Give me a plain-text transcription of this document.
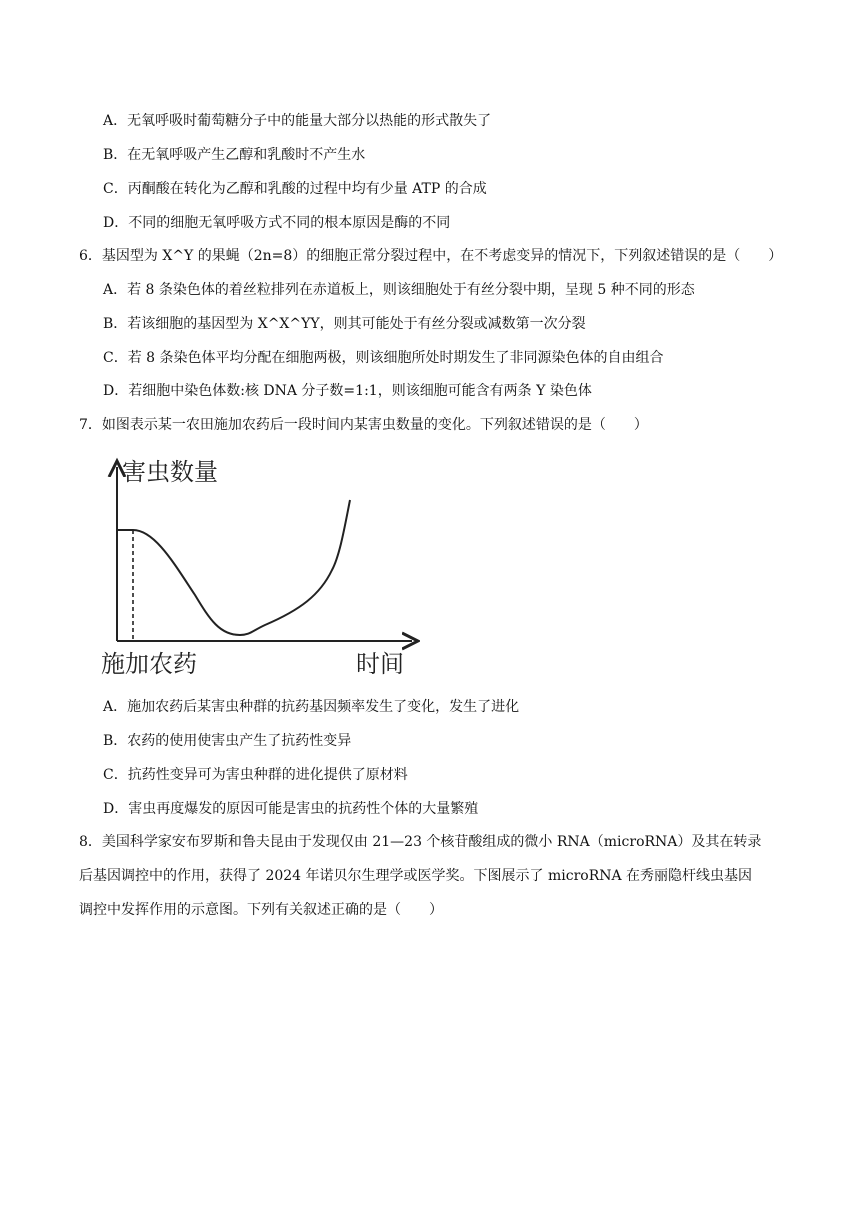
A．无氧呼吸时葡萄糖分子中的能量大部分以热能的形式散失了
B．在无氧呼吸产生乙醇和乳酸时不产生水
C．丙酮酸在转化为乙醇和乳酸的过程中均有少量 ATP 的合成
D．不同的细胞无氧呼吸方式不同的根本原因是酶的不同
6．基因型为 X^Y 的果蝇（2n=8）的细胞正常分裂过程中，在不考虑变异的情况下，下列叙述错误的是（　　）
A．若 8 条染色体的着丝粒排列在赤道板上，则该细胞处于有丝分裂中期，呈现 5 种不同的形态
B．若该细胞的基因型为 X^X^YY，则其可能处于有丝分裂或减数第一次分裂
C．若 8 条染色体平均分配在细胞两极，则该细胞所处时期发生了非同源染色体的自由组合
D．若细胞中染色体数:核 DNA 分子数=1:1，则该细胞可能含有两条 Y 染色体
7．如图表示某一农田施加农药后一段时间内某害虫数量的变化。下列叙述错误的是（　　）
害虫数量
施加农药	时间
A．施加农药后某害虫种群的抗药基因频率发生了变化，发生了进化
B．农药的使用使害虫产生了抗药性变异
C．抗药性变异可为害虫种群的进化提供了原材料
D．害虫再度爆发的原因可能是害虫的抗药性个体的大量繁殖
8．美国科学家安布罗斯和鲁夫昆由于发现仅由 21—23 个核苷酸组成的微小 RNA（microRNA）及其在转录
后基因调控中的作用，获得了 2024 年诺贝尔生理学或医学奖。下图展示了 microRNA 在秀丽隐杆线虫基因
调控中发挥作用的示意图。下列有关叙述正确的是（　　）
